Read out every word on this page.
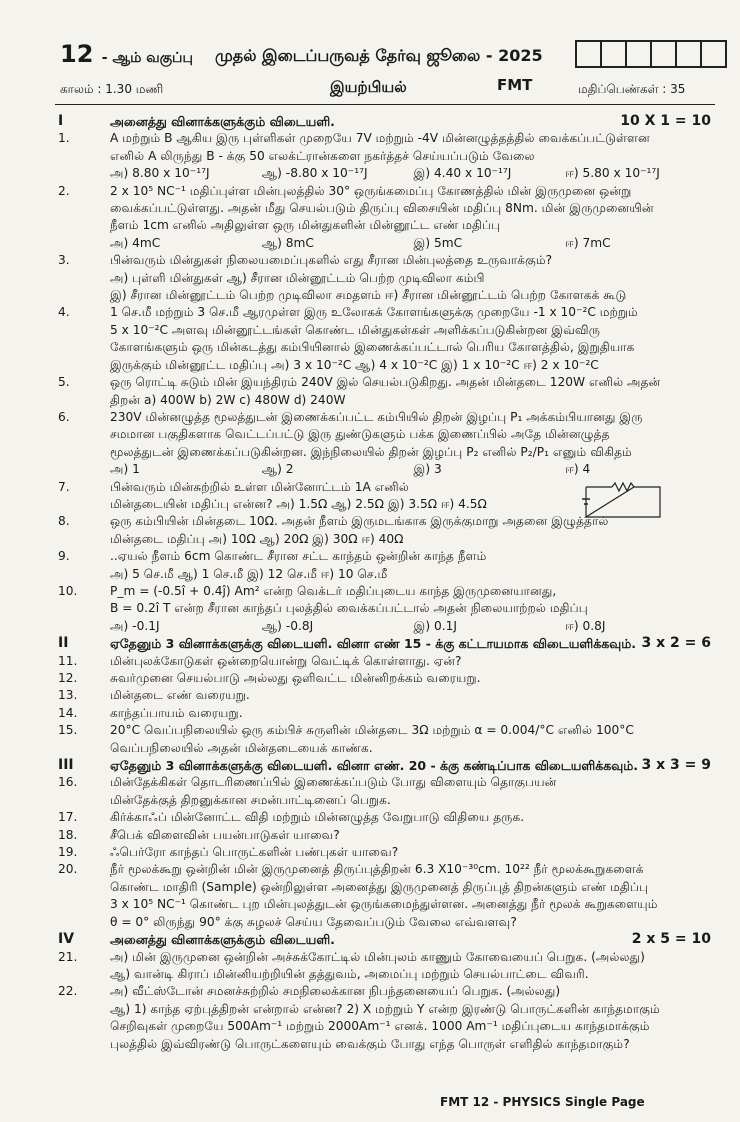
12 - ஆம் வகுப்பு முதல் இடைப்பருவத் தேர்வு ஜூலை - 2025
காலம் : 1.30 மணி	இயற்பியல்	FMT	மதிப்பெண்கள் : 35
I	அனைத்து வினாக்களுக்கும் விடையளி.	10 X 1 = 10
1.	A மற்றும் B ஆகிய இரு புள்ளிகள் முறையே 7V மற்றும் -4V மின்னழுத்தத்தில் வைக்கப்பட்டுள்ளன
எனில் A லிருந்து B - க்கு 50 எலக்ட்ரான்களை நகர்த்தச் செய்யப்படும் வேலை
அ) 8.80 x 10⁻¹⁷J	ஆ) -8.80 x 10⁻¹⁷J	இ) 4.40 x 10⁻¹⁷J	ஈ) 5.80 x 10⁻¹⁷J
2.	2 x 10⁵ NC⁻¹ மதிப்புள்ள மின்புலத்தில் 30° ஒருங்கமைப்பு கோணத்தில் மின் இருமுனை ஒன்று
வைக்கப்பட்டுள்ளது. அதன் மீது செயல்படும் திருப்பு விசையின் மதிப்பு 8Nm. மின் இருமுனையின்
நீளம் 1cm எனில் அதிலுள்ள ஒரு மின்துகளின் மின்னூட்ட எண் மதிப்பு
அ) 4mC	ஆ) 8mC	இ) 5mC	ஈ) 7mC
3.	பின்வரும் மின்துகள் நிலையமைப்புகளில் எது சீரான மின்புலத்தை உருவாக்கும்?
அ) புள்ளி மின்துகள் ஆ) சீரான மின்னூட்டம் பெற்ற முடிவிலா கம்பி
இ) சீரான மின்னூட்டம் பெற்ற முடிவிலா சமதளம் ஈ) சீரான மின்னூட்டம் பெற்ற கோளகக் கூடு
4.	1 செ.மீ மற்றும் 3 செ.மீ ஆரமுள்ள இரு உலோகக் கோளங்களுக்கு முறையே -1 x 10⁻²C மற்றும்
5 x 10⁻²C அளவு மின்னூட்டங்கள் கொண்ட மின்துகள்கள் அளிக்கப்படுகின்றன இவ்விரு
கோளங்களும் ஒரு மின்கடத்து கம்பியினால் இணைக்கப்பட்டால் பெரிய கோளத்தில், இறுதியாக
இருக்கும் மின்னூட்ட மதிப்பு அ) 3 x 10⁻²C ஆ) 4 x 10⁻²C இ) 1 x 10⁻²C ஈ) 2 x 10⁻²C
5.	ஒரு ரொட்டி சுடும் மின் இயந்திரம் 240V இல் செயல்படுகிறது. அதன் மின்தடை 120W எனில் அதன்
திறன் a) 400W b) 2W c) 480W d) 240W
6.	230V மின்னழுத்த மூலத்துடன் இணைக்கப்பட்ட கம்பியில் திறன் இழப்பு P₁ அக்கம்பியானது இரு
சமமான பகுதிகளாக வெட்டப்பட்டு இரு துண்டுகளும் பக்க இணைப்பில் அதே மின்னழுத்த
மூலத்துடன் இணைக்கப்படுகின்றன. இந்நிலையில் திறன் இழப்பு P₂ எனில் P₂/P₁ எனும் விகிதம்
அ) 1	ஆ) 2	இ) 3	ஈ) 4
7.	பின்வரும் மின்சுற்றில் உள்ள மின்னோட்டம் 1A எனில்
மின்தடையின் மதிப்பு என்ன? அ) 1.5Ω ஆ) 2.5Ω இ) 3.5Ω ஈ) 4.5Ω
8.	ஒரு கம்பியின் மின்தடை 10Ω. அதன் நீளம் இருமடங்காக இருக்குமாறு அதனை இழுத்தால்
மின்தடை மதிப்பு அ) 10Ω ஆ) 20Ω இ) 30Ω ஈ) 40Ω
9.	..ஏயல் நீளம் 6cm கொண்ட சீரான சட்ட காந்தம் ஒன்றின் காந்த நீளம்
அ) 5 செ.மீ ஆ) 1 செ.மீ இ) 12 செ.மீ ஈ) 10 செ.மீ
10.	P_m = (-0.5î + 0.4ĵ) Am² என்ற வெக்டர் மதிப்புடைய காந்த இருமுனையானது,
B = 0.2î T என்ற சீரான காந்தப் புலத்தில் வைக்கப்பட்டால் அதன் நிலையாற்றல் மதிப்பு
அ) -0.1J	ஆ) -0.8J	இ) 0.1J	ஈ) 0.8J
II	ஏதேனும் 3 வினாக்களுக்கு விடையளி. வினா எண் 15 - க்கு கட்டாயமாக விடையளிக்கவும். 3 x 2 = 6
11.	மின்புலக்கோடுகள் ஒன்றையொன்று வெட்டிக் கொள்ளாது. ஏன்?
12.	சுவர்முனை செயல்பாடு அல்லது ஒளிவட்ட மின்னிறக்கம் வரையறு.
13.	மின்தடை எண் வரையறு.
14.	காந்தப்பாயம் வரையறு.
15.	20°C வெப்பநிலையில் ஒரு கம்பிச் சுருளின் மின்தடை 3Ω மற்றும் α = 0.004/°C எனில் 100°C
வெப்பநிலையில் அதன் மின்தடையைக் காண்க.
III	ஏதேனும் 3 வினாக்களுக்கு விடையளி. வினா எண். 20 - க்கு கண்டிப்பாக விடையளிக்கவும். 3 x 3 = 9
16.	மின்தேக்கிகள் தொடரிணைப்பில் இணைக்கப்படும் போது விளையும் தொகுபயன்
மின்தேக்குத் திறனுக்கான சமன்பாட்டினைப் பெறுக.
17.	கிர்க்காஃப் மின்னோட்ட விதி மற்றும் மின்னழுத்த வேறுபாடு விதியை தருக.
18.	சீபெக் விளைவின் பயன்பாடுகள் யாவை?
19.	ஃபெர்ரோ காந்தப் பொருட்களின் பண்புகள் யாவை?
20.	நீர் மூலக்கூறு ஒன்றின் மின் இருமுனைத் திருப்புத்திறன் 6.3 X10⁻³⁰cm. 10²² நீர் மூலக்கூறுகளைக்
கொண்ட மாதிரி (Sample) ஒன்றிலுள்ள அனைத்து இருமுனைத் திருப்புத் திறன்களும் எண் மதிப்பு
3 x 10⁵ NC⁻¹ கொண்ட புற மின்புலத்துடன் ஒருங்கமைந்துள்ளன. அனைத்து நீர் மூலக் கூறுகளையும்
θ = 0° லிருந்து 90° க்கு சுழலச் செய்ய தேவைப்படும் வேலை எவ்வளவு?
IV	அனைத்து வினாக்களுக்கும் விடையளி.	2 x 5 = 10
21.	அ) மின் இருமுனை ஒன்றின் அச்சுக்கோட்டில் மின்புலம் காணும் கோவையைப் பெறுக. (அல்லது)
ஆ) வான்டி கிராப் மின்னியற்றியின் தத்துவம், அமைப்பு மற்றும் செயல்பாட்டை விவரி.
22.	அ) வீட்ஸ்டோன் சமனச்சுற்றில் சமநிலைக்கான நிபந்தனையைப் பெறுக. (அல்லது)
ஆ) 1) காந்த ஏற்புத்திறன் என்றால் என்ன? 2) X மற்றும் Y என்ற இரண்டு பொருட்களின் காந்தமாகும்
செறிவுகள் முறையே 500Am⁻¹ மற்றும் 2000Am⁻¹ எனக். 1000 Am⁻¹ மதிப்புடைய காந்தமாக்கும்
புலத்தில் இவ்விரண்டு பொருட்களையும் வைக்கும் போது எந்த பொருள் எளிதில் காந்தமாகும்?
FMT 12 - PHYSICS Single Page
